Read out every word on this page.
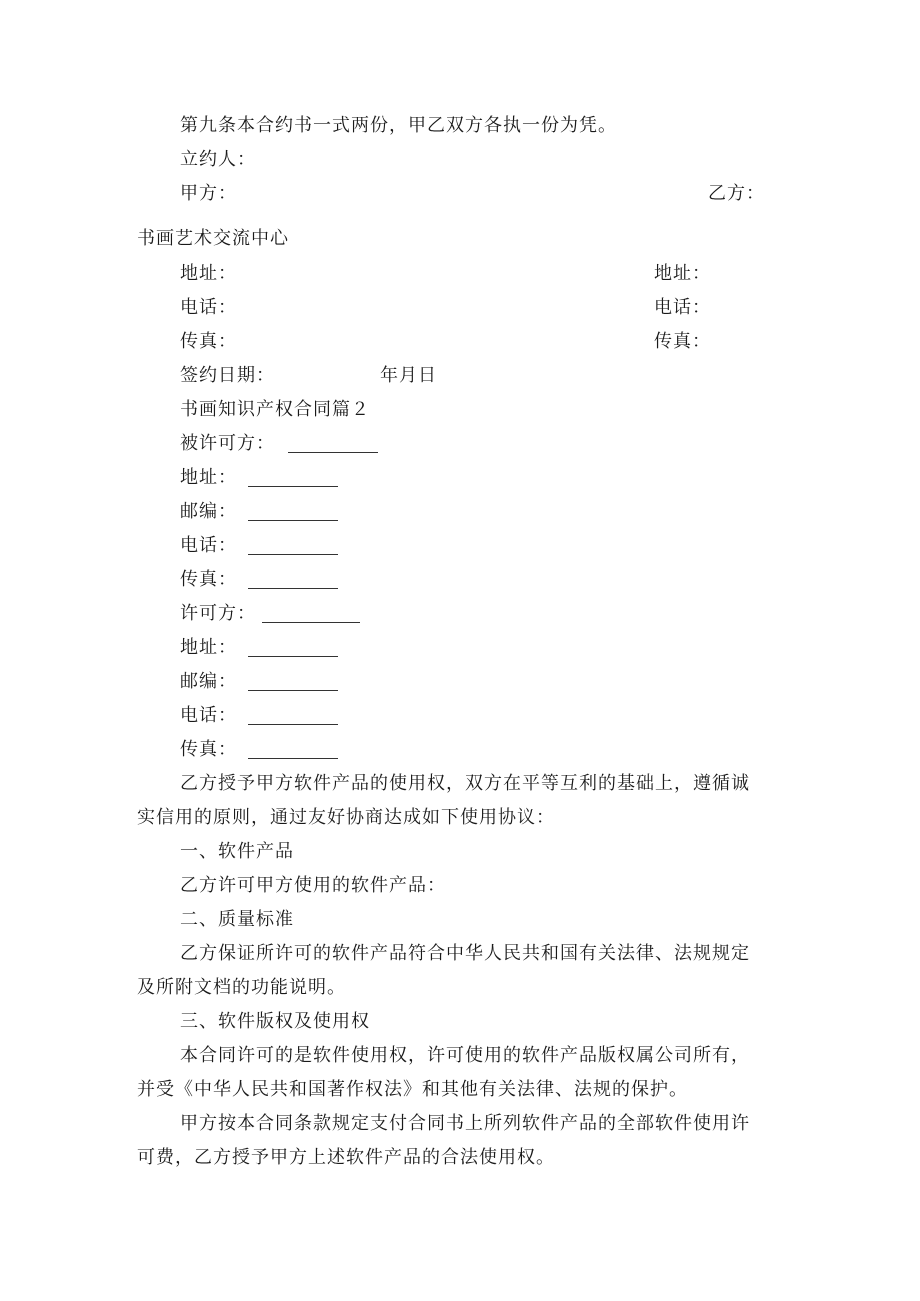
第九条本合约书一式两份，甲乙双方各执一份为凭。
立约人：
甲方：	乙方：
书画艺术交流中心
地址：	地址：
电话：	电话：
传真：	传真：
签约日期：	年月日
书画知识产权合同篇２
被许可方：
地址：
邮编：
电话：
传真：
许可方：
地址：
邮编：
电话：
传真：
乙方授予甲方软件产品的使用权，双方在平等互利的基础上，遵循诚
实信用的原则，通过友好协商达成如下使用协议：
一、软件产品
乙方许可甲方使用的软件产品：
二、质量标准
乙方保证所许可的软件产品符合中华人民共和国有关法律、法规规定
及所附文档的功能说明。
三、软件版权及使用权
本合同许可的是软件使用权，许可使用的软件产品版权属公司所有，
并受《中华人民共和国著作权法》和其他有关法律、法规的保护。
甲方按本合同条款规定支付合同书上所列软件产品的全部软件使用许
可费，乙方授予甲方上述软件产品的合法使用权。
